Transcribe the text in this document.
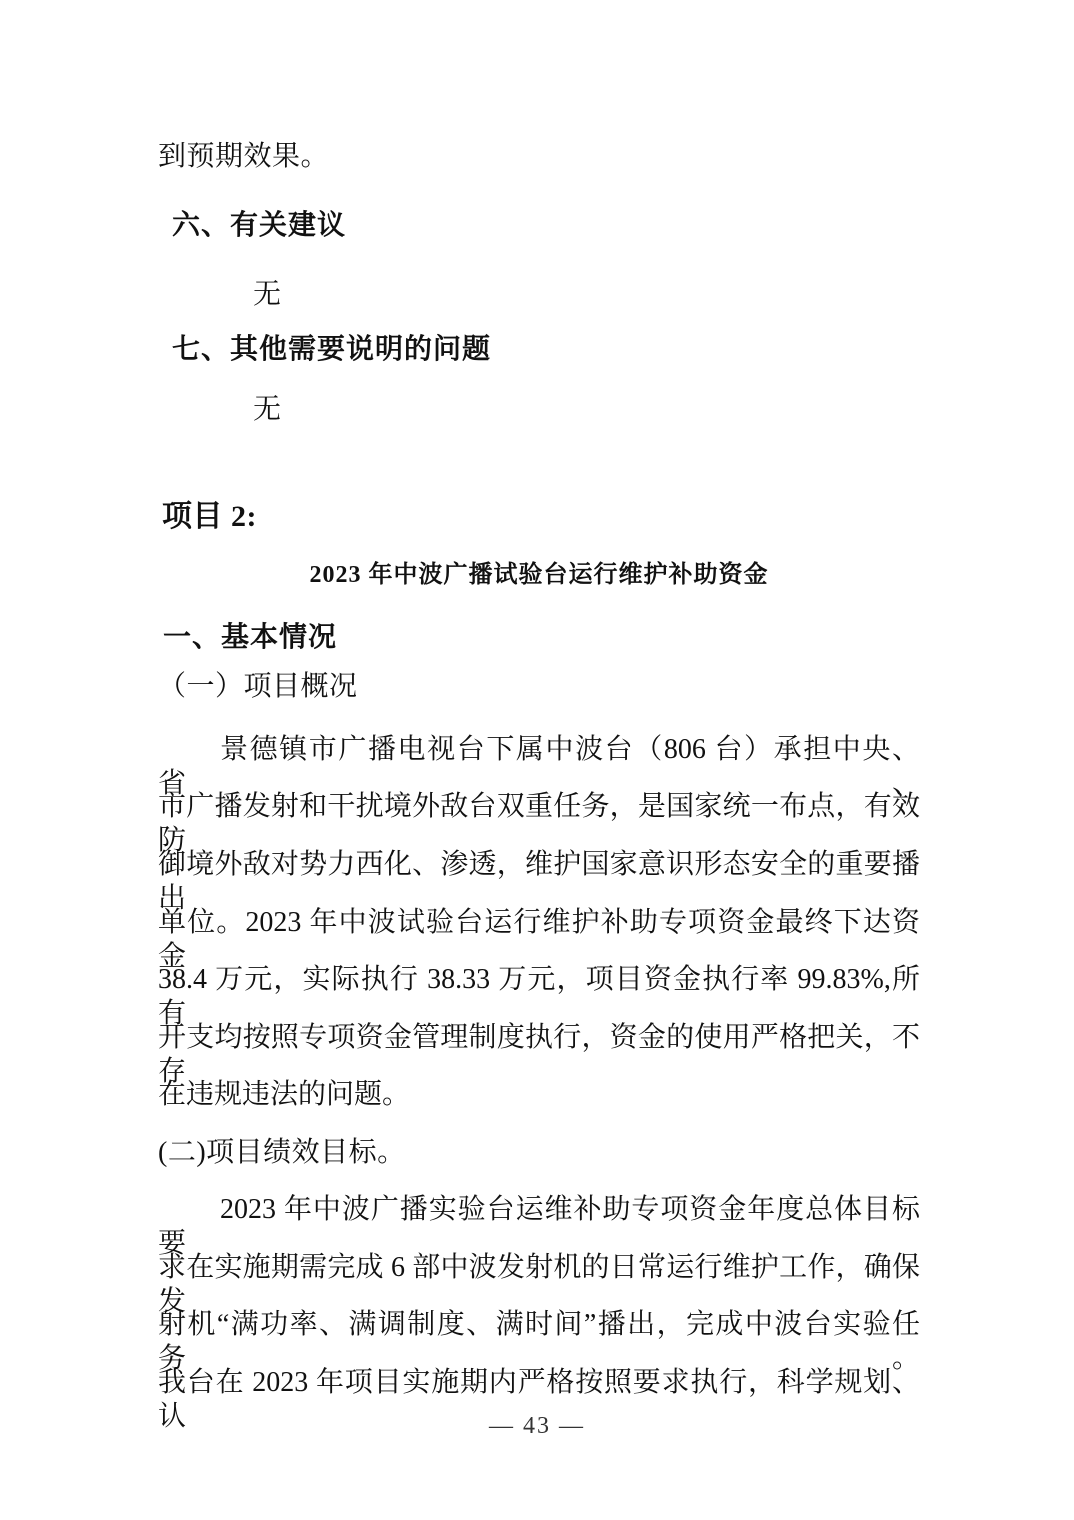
到预期效果。
六、有关建议
无
七、其他需要说明的问题
无
项目 2:
2023 年中波广播试验台运行维护补助资金
一、基本情况
（一）项目概况
景德镇市广播电视台下属中波台（806 台）承担中央、省、
市广播发射和干扰境外敌台双重任务，是国家统一布点，有效防
御境外敌对势力西化、渗透，维护国家意识形态安全的重要播出
单位。2023 年中波试验台运行维护补助专项资金最终下达资金
38.4 万元，实际执行 38.33 万元，项目资金执行率 99.83%,所有
开支均按照专项资金管理制度执行，资金的使用严格把关，不存
在违规违法的问题。
(二)项目绩效目标。
2023 年中波广播实验台运维补助专项资金年度总体目标要
求在实施期需完成 6 部中波发射机的日常运行维护工作，确保发
射机“满功率、满调制度、满时间”播出，完成中波台实验任务。
我台在 2023 年项目实施期内严格按照要求执行，科学规划、认	— 43 —
